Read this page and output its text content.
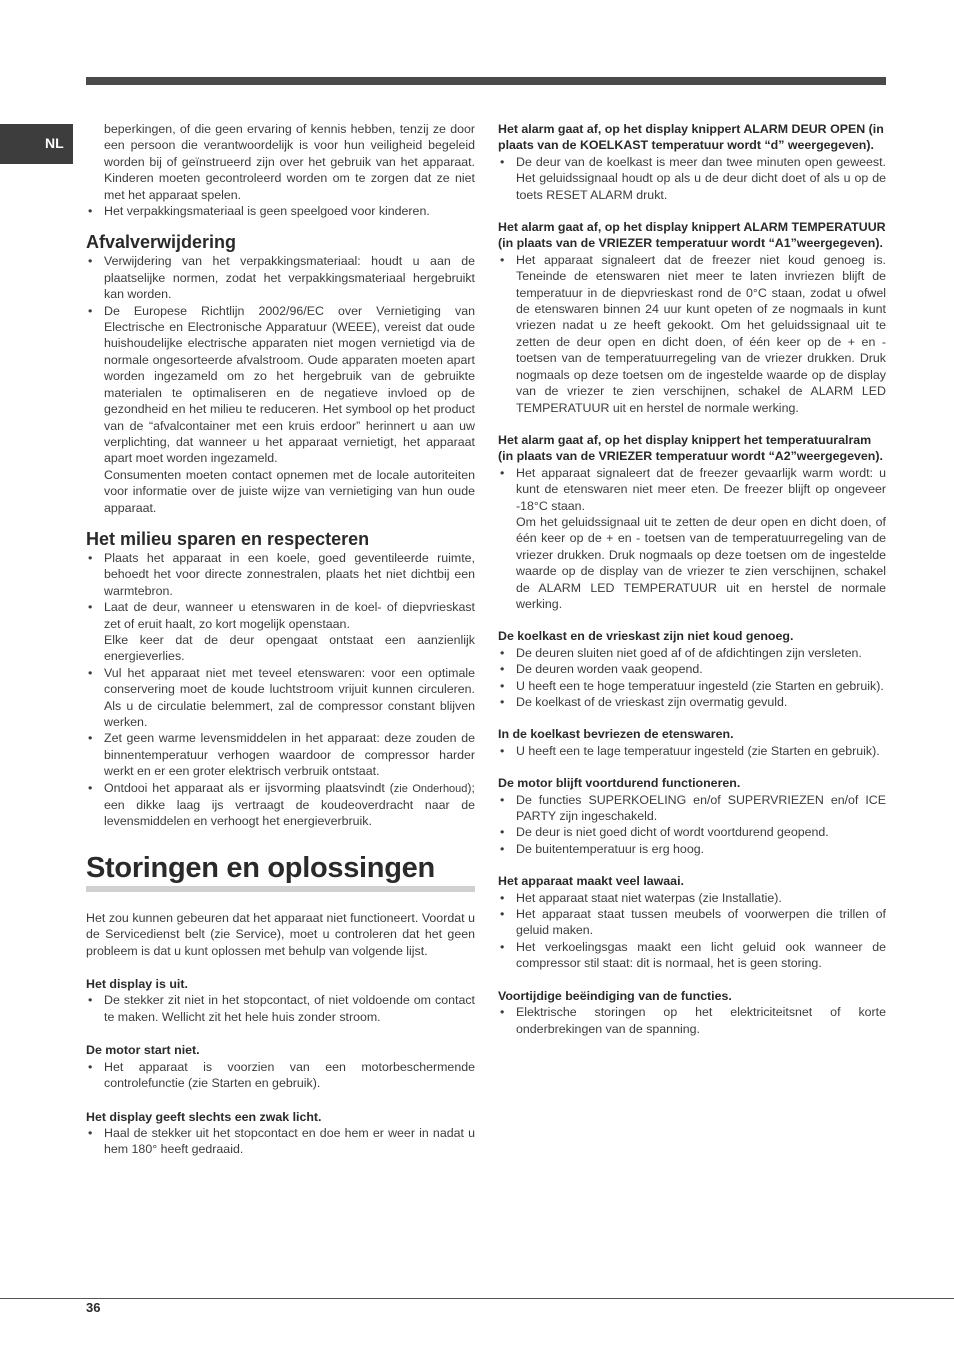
NL

beperkingen, of die geen ervaring of kennis hebben, tenzij ze door een persoon die verantwoordelijk is voor hun veiligheid begeleid worden bij of geïnstrueerd zijn over het gebruik van het apparaat. Kinderen moeten gecontroleerd worden om te zorgen dat ze niet met het apparaat spelen.

• Het verpakkingsmateriaal is geen speelgoed voor kinderen.
Afvalverwijdering
• Verwijdering van het verpakkingsmateriaal: houdt u aan de plaatselijke normen, zodat het verpakkingsmateriaal hergebruikt kan worden.
• De Europese Richtlijn 2002/96/EC over Vernietiging van Electrische en Electronische Apparatuur (WEEE), vereist dat oude huishoudelijke electrische apparaten niet mogen vernietigd via de normale ongesorteerde afvalstroom. Oude apparaten moeten apart worden ingezameld om zo het hergebruik van de gebruikte materialen te optimaliseren en de negatieve invloed op de gezondheid en het milieu te reduceren. Het symbool op het product van de “afvalcontainer met een kruis erdoor” herinnert u aan uw verplichting, dat wanneer u het apparaat vernietigt, het apparaat apart moet worden ingezameld.

Consumenten moeten contact opnemen met de locale autoriteiten voor informatie over de juiste wijze van vernietiging van hun oude apparaat.

Het milieu sparen en respecteren
• Plaats het apparaat in een koele, goed geventileerde ruimte, behoedt het voor directe zonnestralen, plaats het niet dichtbij een warmtebron.
• Laat de deur, wanneer u etenswaren in de koel- of diepvrieskast zet of eruit haalt, zo kort mogelijk openstaan.

Elke keer dat de deur opengaat ontstaat een aanzienlijk energieverlies.

• Vul het apparaat niet met teveel etenswaren: voor een optimale conservering moet de koude luchtstroom vrijuit kunnen circuleren. Als u de circulatie belemmert, zal de compressor constant blijven werken.
• Zet geen warme levensmiddelen in het apparaat: deze zouden de binnentemperatuur verhogen waardoor de compressor harder werkt en er een groter elektrisch verbruik ontstaat.
• Ontdooi het apparaat als er ijsvorming plaatsvindt (zie Onderhoud); een dikke laag ijs vertraagt de koudeoverdracht naar de levensmiddelen en verhoogt het energieverbruik.
Storingen en oplossingen

Het zou kunnen gebeuren dat het apparaat niet functioneert. Voordat u de Servicedienst belt (zie Service), moet u controleren dat het geen probleem is dat u kunt oplossen met behulp van volgende lijst.

Het display is uit.
• De stekker zit niet in het stopcontact, of niet voldoende om contact te maken. Wellicht zit het hele huis zonder stroom.
De motor start niet.
• Het apparaat is voorzien van een motorbeschermende controlefunctie (zie Starten en gebruik).
Het display geeft slechts een zwak licht.
• Haal de stekker uit het stopcontact en doe hem er weer in nadat u hem 180° heeft gedraaid.
Het alarm gaat af, op het display knippert ALARM DEUR OPEN (in plaats van de KOELKAST temperatuur wordt “d” weergegeven).
• De deur van de koelkast is meer dan twee minuten open geweest. Het geluidssignaal houdt op als u de deur dicht doet of als u op de toets RESET ALARM drukt.
Het alarm gaat af, op het display knippert ALARM TEMPERATUUR (in plaats van de VRIEZER temperatuur wordt “A1”weergegeven).
• Het apparaat signaleert dat de freezer niet koud genoeg is. Teneinde de etenswaren niet meer te laten invriezen blijft de temperatuur in de diepvrieskast rond de 0°C staan, zodat u ofwel de etenswaren binnen 24 uur kunt opeten of ze nogmaals in kunt vriezen nadat u ze heeft gekookt. Om het geluidssignaal uit te zetten de deur open en dicht doen, of één keer op de + en - toetsen van de temperatuurregeling van de vriezer drukken. Druk nogmaals op deze toetsen om de ingestelde waarde op de display van de vriezer te zien verschijnen, schakel de ALARM LED TEMPERATUUR uit en herstel de normale werking.
Het alarm gaat af, op het display knippert het temperatuuralram (in plaats van de VRIEZER temperatuur wordt “A2”weergegeven).
• Het apparaat signaleert dat de freezer gevaarlijk warm wordt: u kunt de etenswaren niet meer eten. De freezer blijft op ongeveer -18°C staan.

Om het geluidssignaal uit te zetten de deur open en dicht doen, of één keer op de + en - toetsen van de temperatuurregeling van de vriezer drukken. Druk nogmaals op deze toetsen om de ingestelde waarde op de display van de vriezer te zien verschijnen, schakel de ALARM LED TEMPERATUUR uit en herstel de normale werking.

De koelkast en de vrieskast zijn niet koud genoeg.
• De deuren sluiten niet goed af of de afdichtingen zijn versleten.
• De deuren worden vaak geopend.
• U heeft een te hoge temperatuur ingesteld (zie Starten en gebruik).
• De koelkast of de vrieskast zijn overmatig gevuld.
In de koelkast bevriezen de etenswaren.
• U heeft een te lage temperatuur ingesteld (zie Starten en gebruik).
De motor blijft voortdurend functioneren.
• De functies SUPERKOELING en/of SUPERVRIEZEN en/of ICE PARTY zijn ingeschakeld.
• De deur is niet goed dicht of wordt voortdurend geopend.
• De buitentemperatuur is erg hoog.
Het apparaat maakt veel lawaai.
• Het apparaat staat niet waterpas (zie Installatie).
• Het apparaat staat tussen meubels of voorwerpen die trillen of geluid maken.
• Het verkoelingsgas maakt een licht geluid ook wanneer de compressor stil staat: dit is normaal, het is geen storing.
Voortijdige beëindiging van de functies.
• Elektrische storingen op het elektriciteitsnet of korte onderbrekingen van de spanning.
36
